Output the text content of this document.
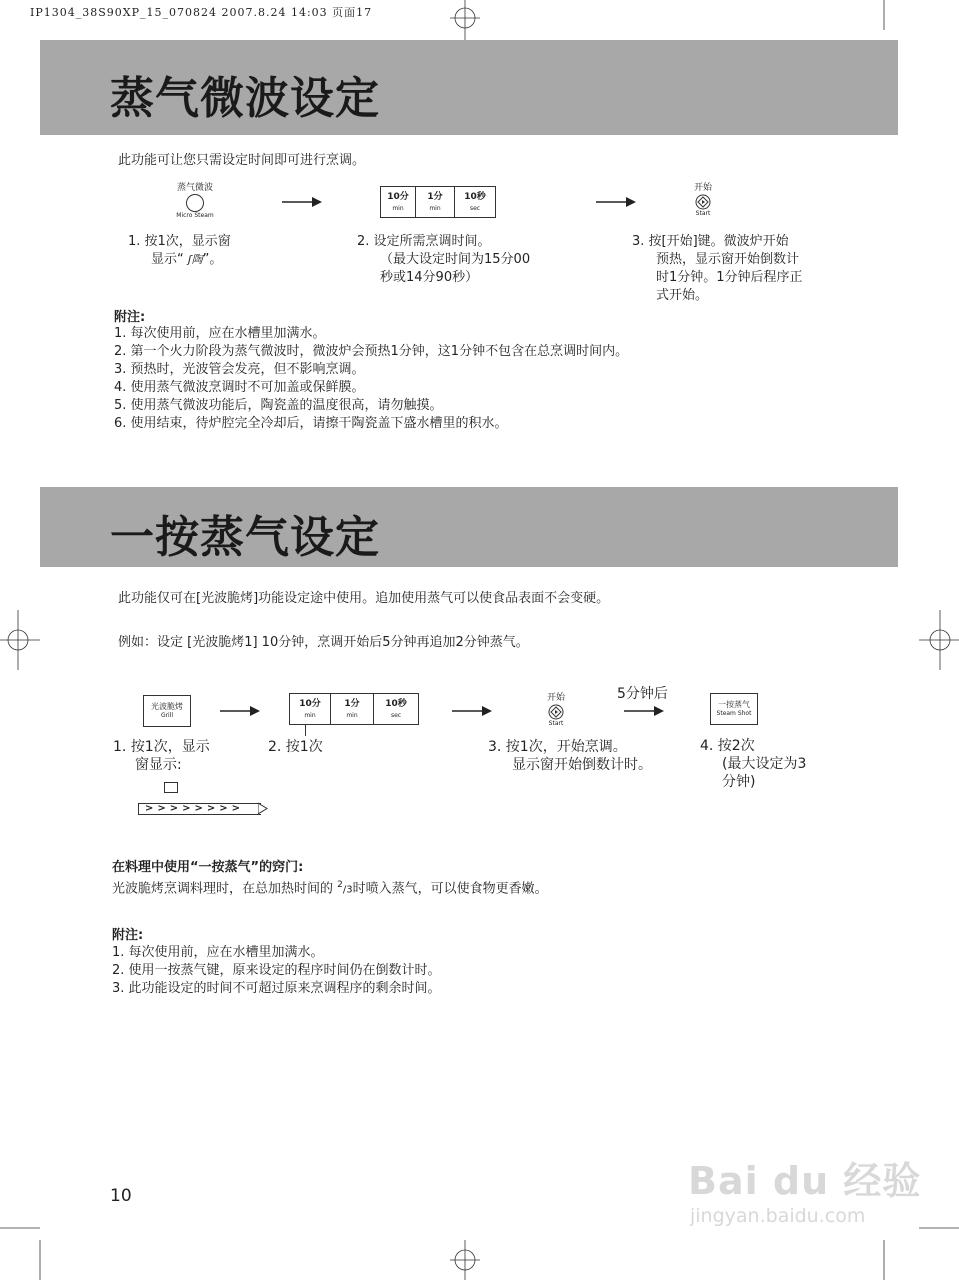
IP1304_38S90XP_15_070824 2007.8.24 14:03 页面17
蒸气微波设定
此功能可让您只需设定时间即可进行烹调。
蒸气微波
Micro Steam
10分
min
1分
min
10秒
sec
开始
Start
1. 按1次，显示窗
显示“ ʃ陶”。
2. 设定所需烹调时间。
（最大设定时间为15分00
秒或14分90秒）
3. 按[开始]键。微波炉开始
预热，显示窗开始倒数计
时1分钟。1分钟后程序正
式开始。
附注:
1. 每次使用前，应在水槽里加满水。
2. 第一个火力阶段为蒸气微波时，微波炉会预热1分钟，这1分钟不包含在总烹调时间内。
3. 预热时，光波管会发亮，但不影响烹调。
4. 使用蒸气微波烹调时不可加盖或保鲜膜。
5. 使用蒸气微波功能后，陶瓷盖的温度很高，请勿触摸。
6. 使用结束，待炉腔完全冷却后，请擦干陶瓷盖下盛水槽里的积水。
一按蒸气设定
此功能仅可在[光波脆烤]功能设定途中使用。追加使用蒸气可以使食品表面不会变硬。
例如：设定 [光波脆烤1] 10分钟，烹调开始后5分钟再追加2分钟蒸气。
光波脆烤
Grill
10分
min
1分
min
10秒
sec
开始
Start
5分钟后
一按蒸气
Steam Shot
1. 按1次，显示
窗显示:
>>>>>>>>
2. 按1次	3. 按1次，开始烹调。
显示窗开始倒数计时。
4. 按2次
(最大设定为3
分钟)
在料理中使用“一按蒸气”的窍门:
光波脆烤烹调料理时，在总加热时间的 $^2$/3时喷入蒸气，可以使食物更香嫩。
附注:
1. 每次使用前，应在水槽里加满水。
2. 使用一按蒸气键，原来设定的程序时间仍在倒数计时。
3. 此功能设定的时间不可超过原来烹调程序的剩余时间。
10	Bai du 经验
jingyan.baidu.com
